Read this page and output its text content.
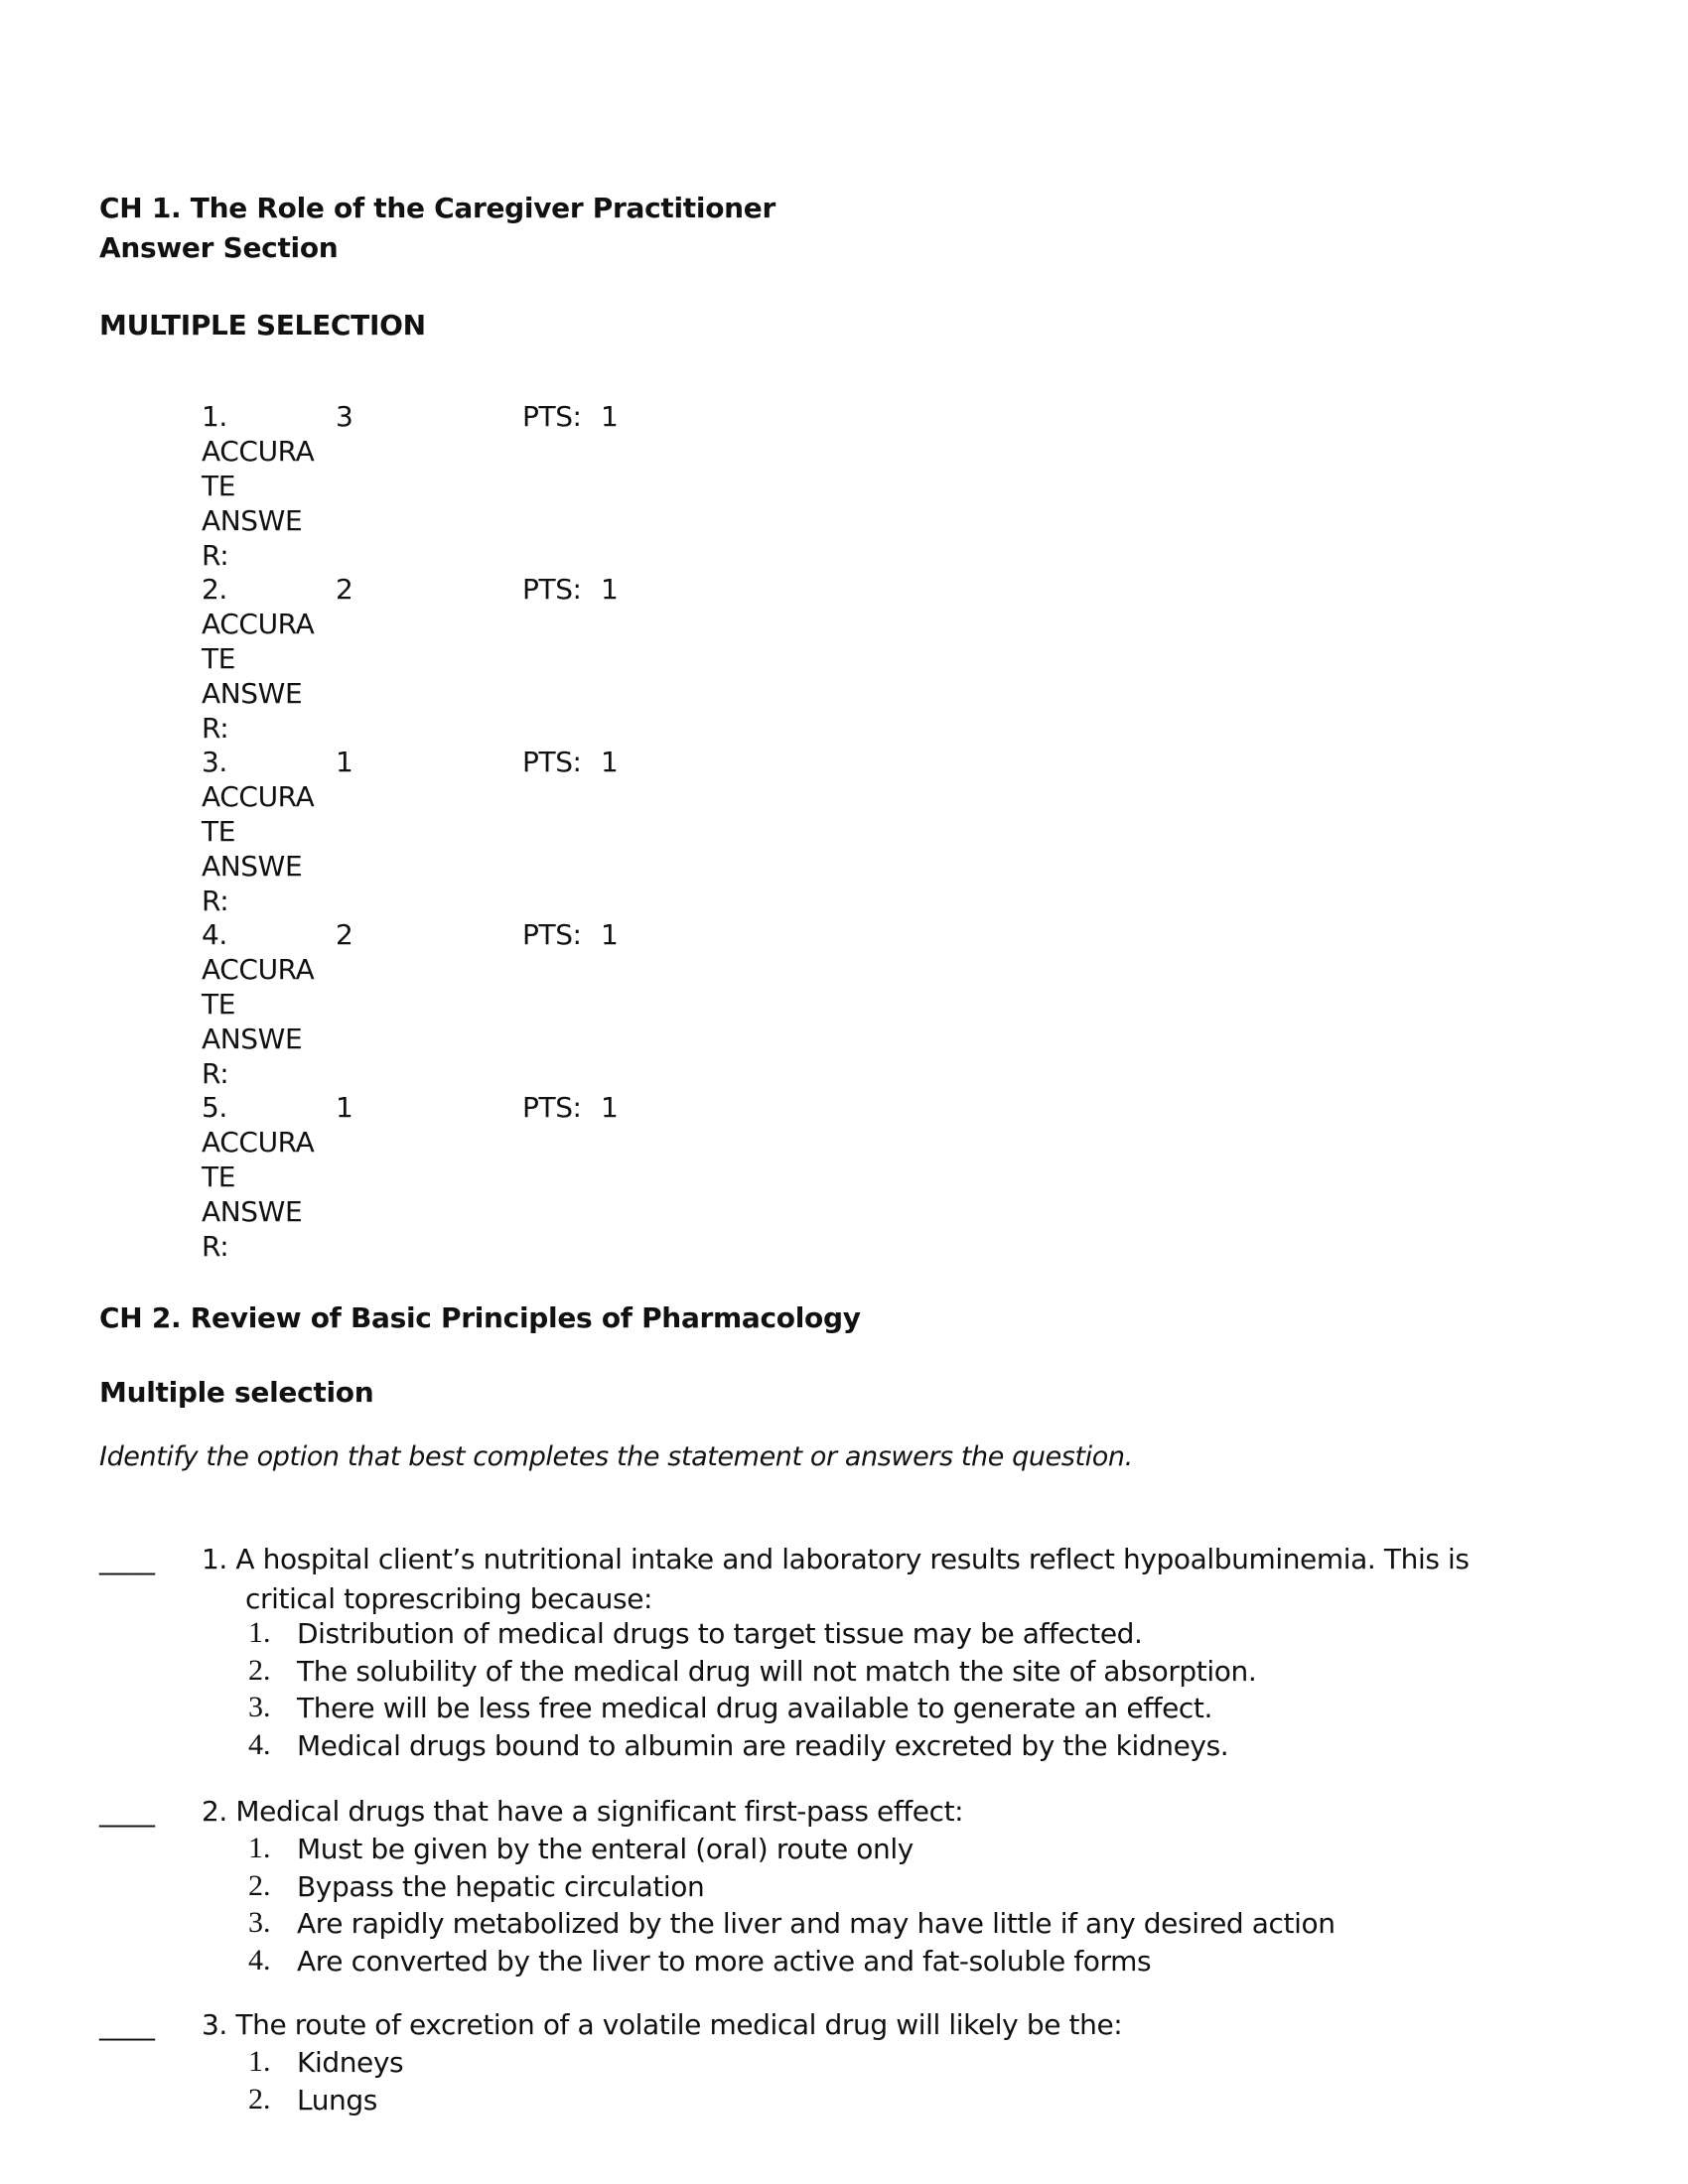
CH 1. The Role of the Caregiver Practitioner
Answer Section
MULTIPLE SELECTION
1.	3	PTS: 1
ACCURA
TE
ANSWE
R:
2.	2	PTS: 1
ACCURA
TE
ANSWE
R:
3.	1	PTS: 1
ACCURA
TE
ANSWE
R:
4.	2	PTS: 1
ACCURA
TE
ANSWE
R:
5.	1	PTS: 1
ACCURA
TE
ANSWE
R:
CH 2. Review of Basic Principles of Pharmacology
Multiple selection
Identify the option that best completes the statement or answers the question.
____ 1. A hospital client’s nutritional intake and laboratory results reflect hypoalbuminemia. This is
critical toprescribing because:
1. Distribution of medical drugs to target tissue may be affected.
2. The solubility of the medical drug will not match the site of absorption.
3. There will be less free medical drug available to generate an effect.
4. Medical drugs bound to albumin are readily excreted by the kidneys.
____ 2. Medical drugs that have a significant first-pass effect:
1. Must be given by the enteral (oral) route only
2. Bypass the hepatic circulation
3. Are rapidly metabolized by the liver and may have little if any desired action
4. Are converted by the liver to more active and fat-soluble forms
____ 3. The route of excretion of a volatile medical drug will likely be the:
1. Kidneys
2. Lungs
